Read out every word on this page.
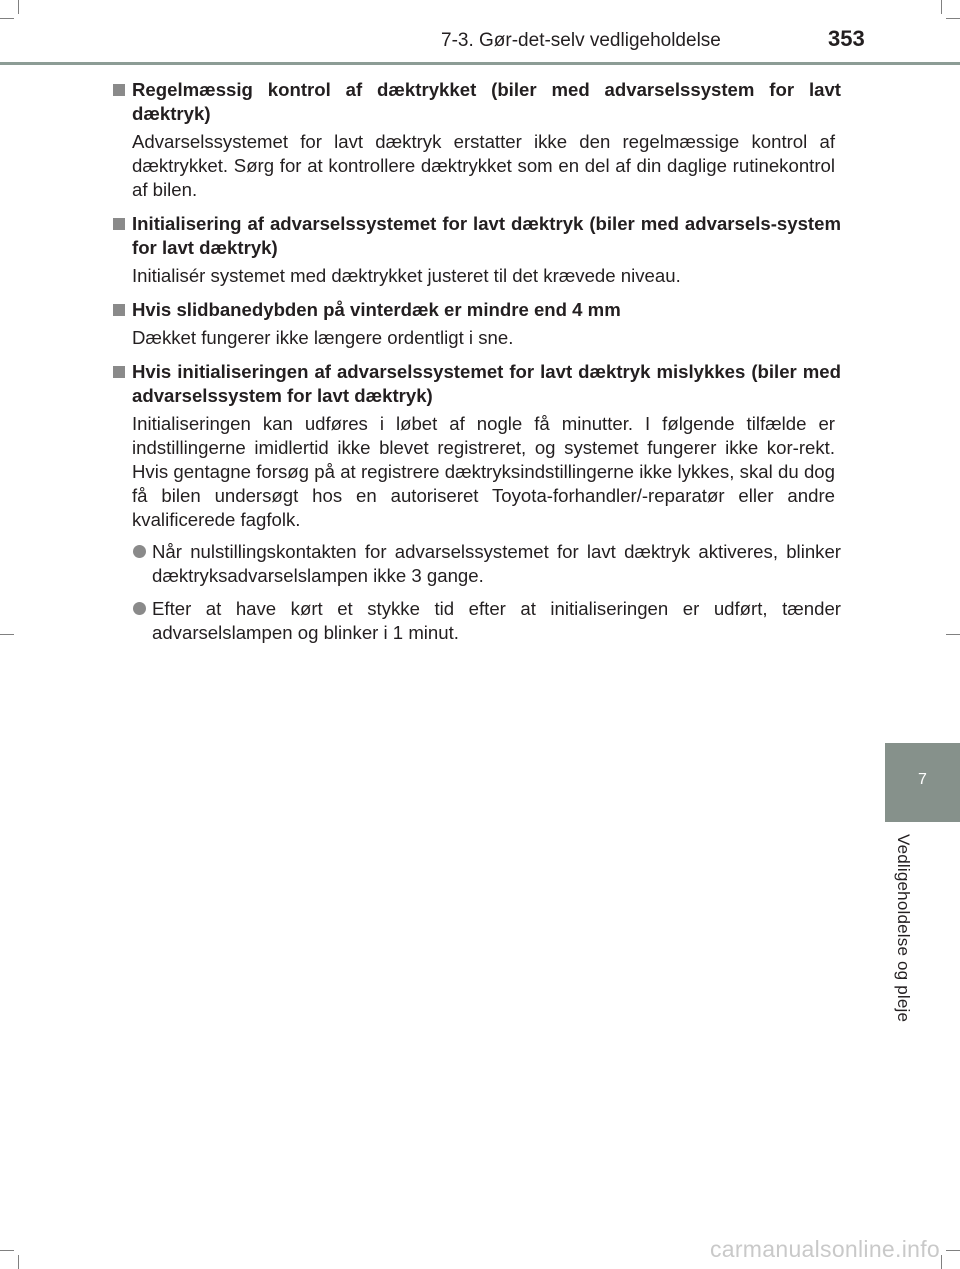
7-3. Gør-det-selv vedligeholdelse	353
Regelmæssig kontrol af dæktrykket (biler med advarselssystem for lavt dæktryk)
Advarselssystemet for lavt dæktryk erstatter ikke den regelmæssige kontrol af dæktrykket. Sørg for at kontrollere dæktrykket som en del af din daglige rutinekontrol af bilen.
Initialisering af advarselssystemet for lavt dæktryk (biler med advarsels-system for lavt dæktryk)
Initialisér systemet med dæktrykket justeret til det krævede niveau.
Hvis slidbanedybden på vinterdæk er mindre end 4 mm
Dækket fungerer ikke længere ordentligt i sne.
Hvis initialiseringen af advarselssystemet for lavt dæktryk mislykkes (biler med advarselssystem for lavt dæktryk)
Initialiseringen kan udføres i løbet af nogle få minutter. I følgende tilfælde er indstillingerne imidlertid ikke blevet registreret, og systemet fungerer ikke kor-rekt. Hvis gentagne forsøg på at registrere dæktryksindstillingerne ikke lykkes, skal du dog få bilen undersøgt hos en autoriseret Toyota-forhandler/-reparatør eller andre kvalificerede fagfolk.
Når nulstillingskontakten for advarselssystemet for lavt dæktryk aktiveres, blinker dæktryksadvarselslampen ikke 3 gange.
Efter at have kørt et stykke tid efter at initialiseringen er udført, tænder advarselslampen og blinker i 1 minut.
7
Vedligeholdelse og pleje
carmanualsonline.info
